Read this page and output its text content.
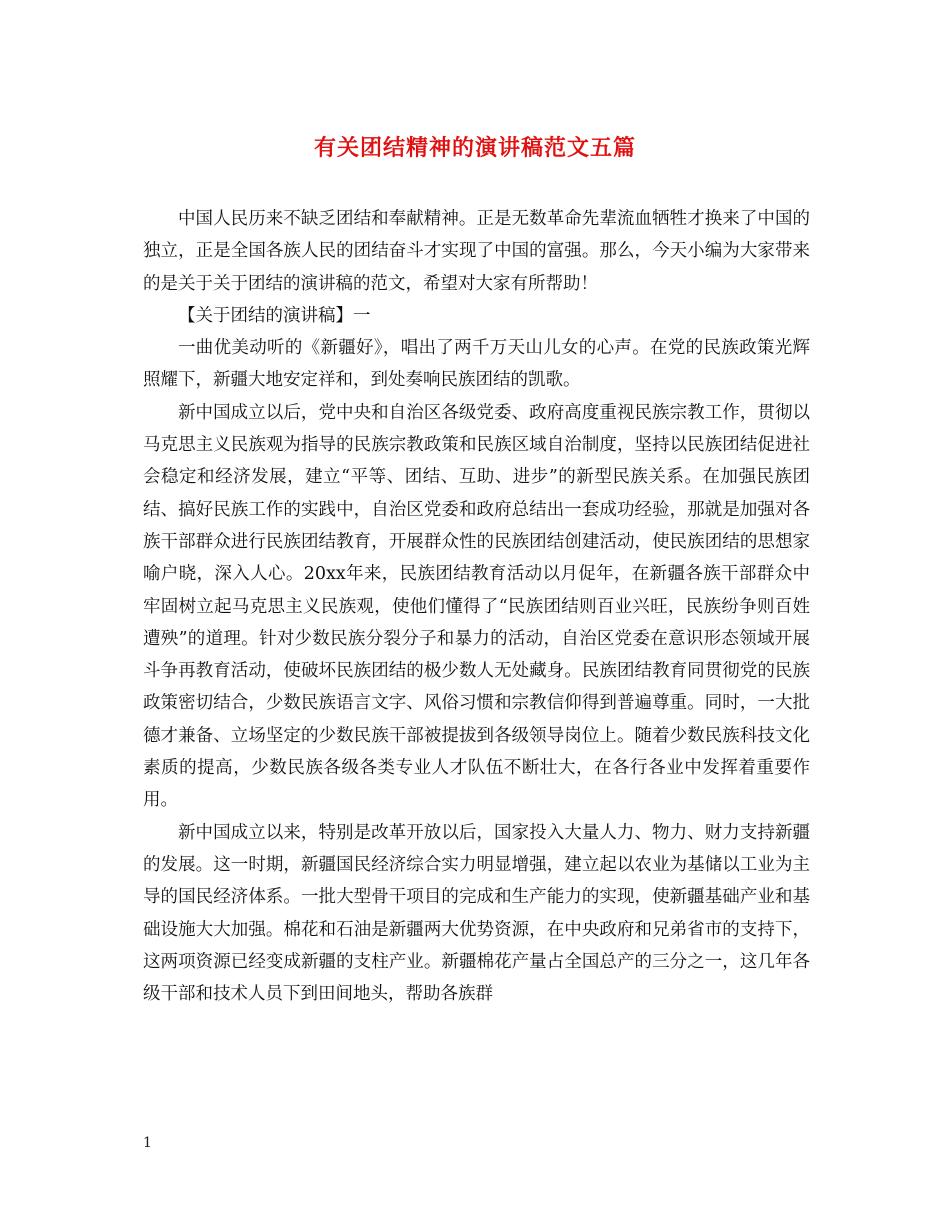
有关团结精神的演讲稿范文五篇

中国人民历来不缺乏团结和奉献精神。正是无数革命先辈流血牺牲才换来了中国的独立，正是全国各族人民的团结奋斗才实现了中国的富强。那么，今天小编为大家带来的是关于关于团结的演讲稿的范文，希望对大家有所帮助！

【关于团结的演讲稿】一

一曲优美动听的《新疆好》，唱出了两千万天山儿女的心声。在党的民族政策光辉照耀下，新疆大地安定祥和，到处奏响民族团结的凯歌。

新中国成立以后，党中央和自治区各级党委、政府高度重视民族宗教工作，贯彻以马克思主义民族观为指导的民族宗教政策和民族区域自治制度，坚持以民族团结促进社会稳定和经济发展，建立“平等、团结、互助、进步”的新型民族关系。在加强民族团结、搞好民族工作的实践中，自治区党委和政府总结出一套成功经验，那就是加强对各族干部群众进行民族团结教育，开展群众性的民族团结创建活动，使民族团结的思想家喻户晓，深入人心。20xx年来，民族团结教育活动以月促年，在新疆各族干部群众中牢固树立起马克思主义民族观，使他们懂得了“民族团结则百业兴旺，民族纷争则百姓遭殃”的道理。针对少数民族分裂分子和暴力的活动，自治区党委在意识形态领域开展斗争再教育活动，使破坏民族团结的极少数人无处藏身。民族团结教育同贯彻党的民族政策密切结合，少数民族语言文字、风俗习惯和宗教信仰得到普遍尊重。同时，一大批德才兼备、立场坚定的少数民族干部被提拔到各级领导岗位上。随着少数民族科技文化素质的提高，少数民族各级各类专业人才队伍不断壮大，在各行各业中发挥着重要作用。

新中国成立以来，特别是改革开放以后，国家投入大量人力、物力、财力支持新疆的发展。这一时期，新疆国民经济综合实力明显增强，建立起以农业为基储以工业为主导的国民经济体系。一批大型骨干项目的完成和生产能力的实现，使新疆基础产业和基础设施大大加强。棉花和石油是新疆两大优势资源，在中央政府和兄弟省市的支持下，这两项资源已经变成新疆的支柱产业。新疆棉花产量占全国总产的三分之一，这几年各级干部和技术人员下到田间地头，帮助各族群

1
